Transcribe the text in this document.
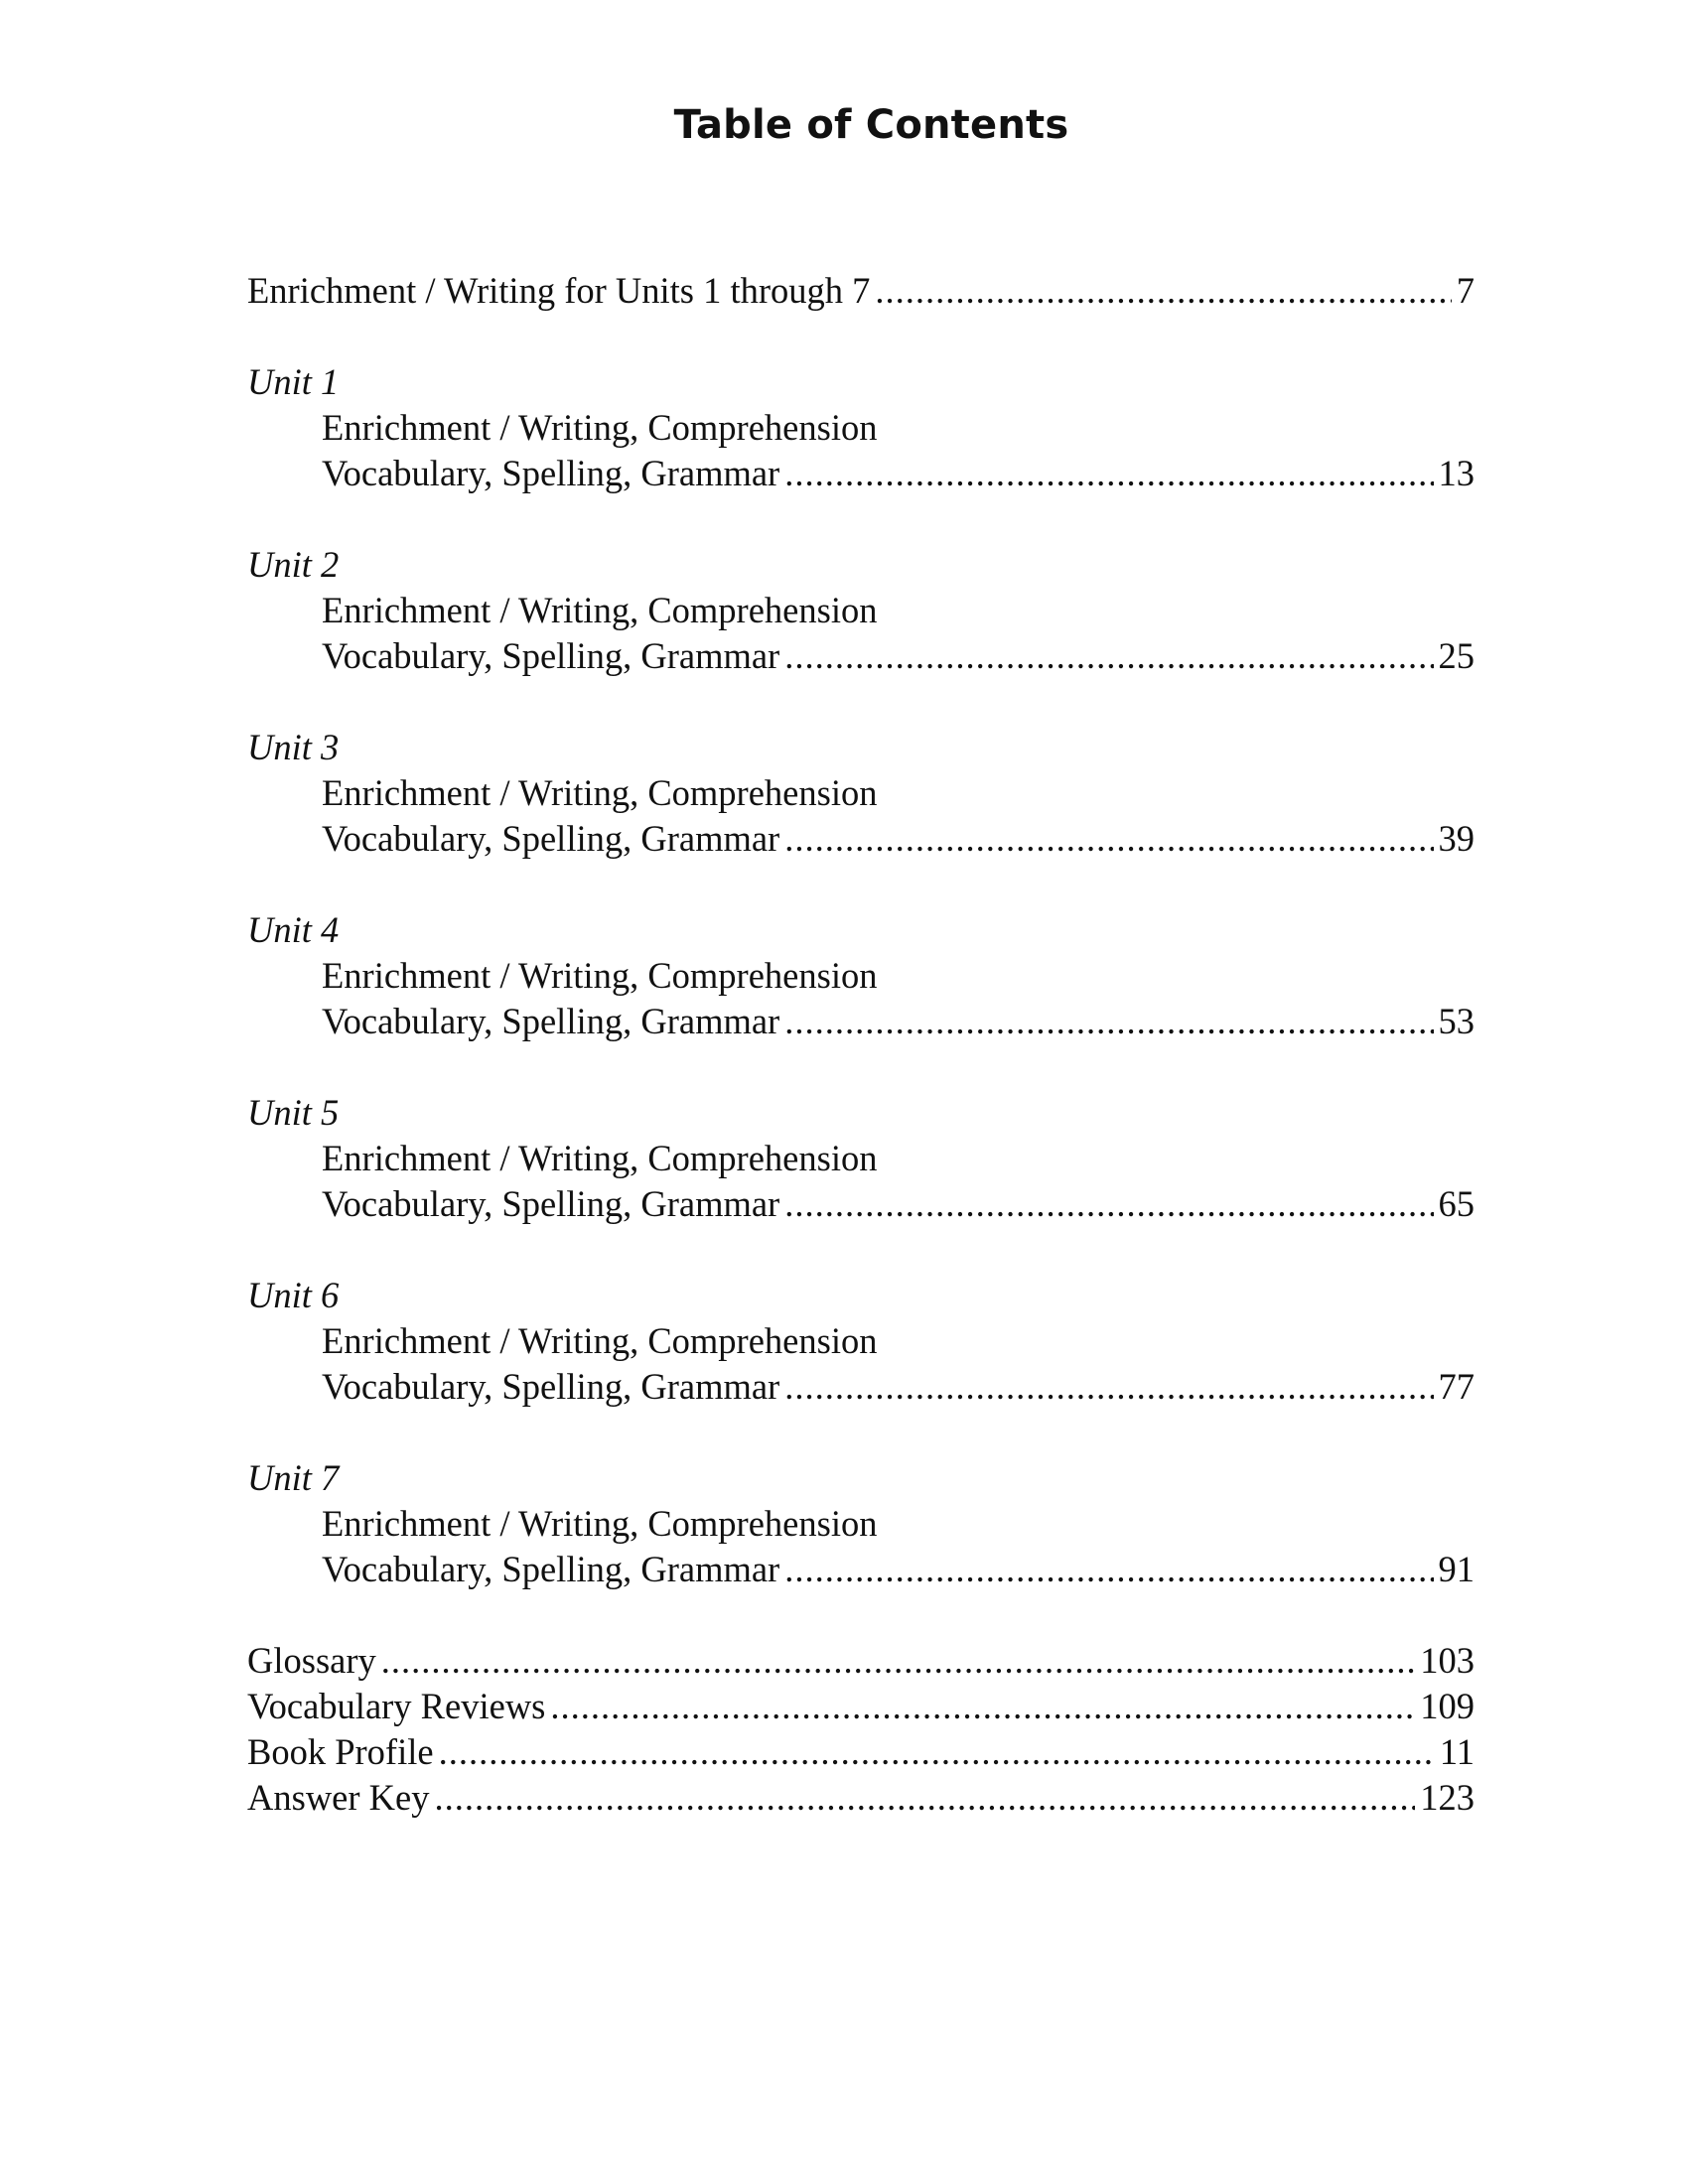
Table of Contents
Enrichment / Writing for Units 1 through 7 .....	7
Unit 1
Enrichment / Writing, Comprehension
Vocabulary, Spelling, Grammar .....	13
Unit 2
Enrichment / Writing, Comprehension
Vocabulary, Spelling, Grammar .....	25
Unit 3
Enrichment / Writing, Comprehension
Vocabulary, Spelling, Grammar .....	39
Unit 4
Enrichment / Writing, Comprehension
Vocabulary, Spelling, Grammar .....	53
Unit 5
Enrichment / Writing, Comprehension
Vocabulary, Spelling, Grammar .....	65
Unit 6
Enrichment / Writing, Comprehension
Vocabulary, Spelling, Grammar .....	77
Unit 7
Enrichment / Writing, Comprehension
Vocabulary, Spelling, Grammar .....	91
Glossary .....	103
Vocabulary Reviews .....	109
Book Profile .....	11
Answer Key .....	123
